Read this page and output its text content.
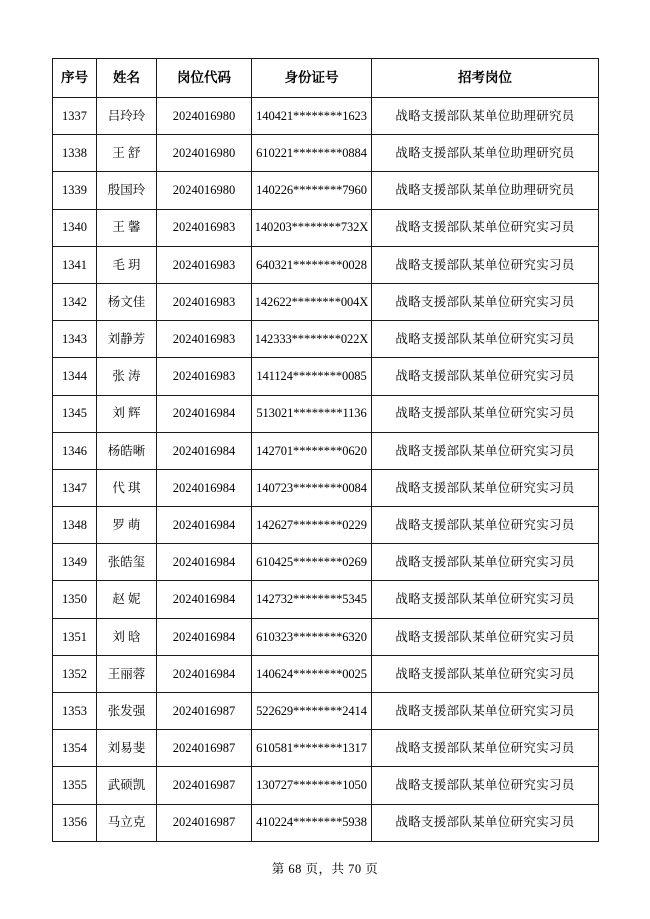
序号	姓名	岗位代码	身份证号	招考岗位
1337	吕玲玲	2024016980	140421********1623	战略支援部队某单位助理研究员
1338	王 舒	2024016980	610221********0884	战略支援部队某单位助理研究员
1339	殷国玲	2024016980	140226********7960	战略支援部队某单位助理研究员
1340	王 馨	2024016983	140203********732X	战略支援部队某单位研究实习员
1341	毛 玥	2024016983	640321********0028	战略支援部队某单位研究实习员
1342	杨文佳	2024016983	142622********004X	战略支援部队某单位研究实习员
1343	刘静芳	2024016983	142333********022X	战略支援部队某单位研究实习员
1344	张 涛	2024016983	141124********0085	战略支援部队某单位研究实习员
1345	刘 辉	2024016984	513021********1136	战略支援部队某单位研究实习员
1346	杨皓晰	2024016984	142701********0620	战略支援部队某单位研究实习员
1347	代 琪	2024016984	140723********0084	战略支援部队某单位研究实习员
1348	罗 萌	2024016984	142627********0229	战略支援部队某单位研究实习员
1349	张皓玺	2024016984	610425********0269	战略支援部队某单位研究实习员
1350	赵 妮	2024016984	142732********5345	战略支援部队某单位研究实习员
1351	刘 晗	2024016984	610323********6320	战略支援部队某单位研究实习员
1352	王丽蓉	2024016984	140624********0025	战略支援部队某单位研究实习员
1353	张发强	2024016987	522629********2414	战略支援部队某单位研究实习员
1354	刘易斐	2024016987	610581********1317	战略支援部队某单位研究实习员
1355	武硕凯	2024016987	130727********1050	战略支援部队某单位研究实习员
1356	马立克	2024016987	410224********5938	战略支援部队某单位研究实习员
第 68 页，共 70 页
